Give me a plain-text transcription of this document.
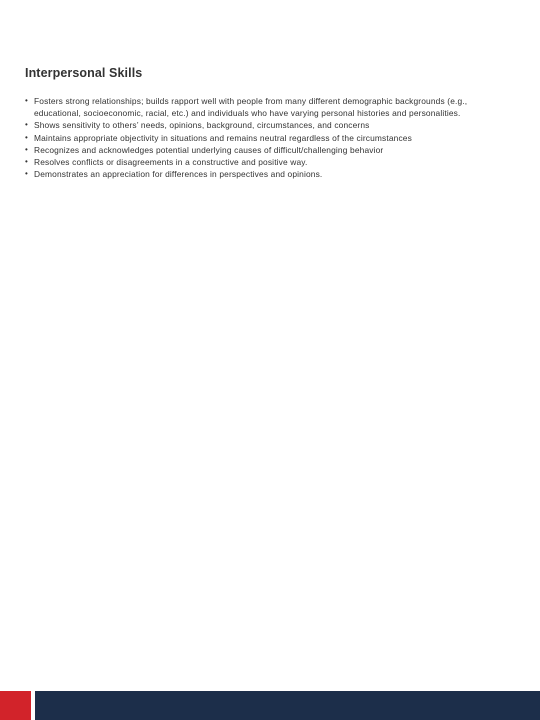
Interpersonal Skills
• Fosters strong relationships; builds rapport well with people from many different demographic backgrounds (e.g., educational, socioeconomic, racial, etc.) and individuals who have varying personal histories and personalities.
• Shows sensitivity to others’ needs, opinions, background, circumstances, and concerns
• Maintains appropriate objectivity in situations and remains neutral regardless of the circumstances
• Recognizes and acknowledges potential underlying causes of difficult/challenging behavior
• Resolves conflicts or disagreements in a constructive and positive way.
• Demonstrates an appreciation for differences in perspectives and opinions.
